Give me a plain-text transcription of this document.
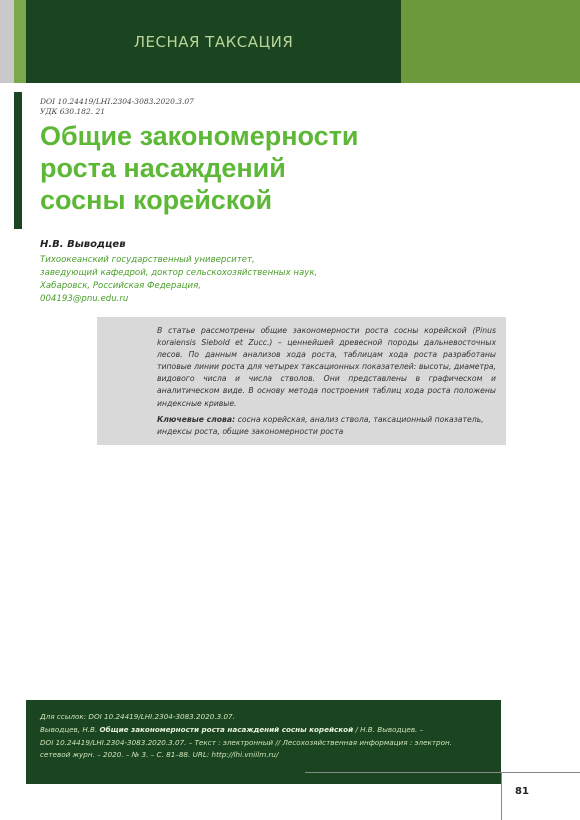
ЛЕСНАЯ ТАКСАЦИЯ
DOI 10.24419/LHI.2304-3083.2020.3.07
УДК 630.182. 21
Общие закономерности
роста насаждений
сосны корейской
Н.В. Выводцев
Тихоокеанский государственный университет,
заведующий кафедрой, доктор сельскохозяйственных наук,
Хабаровск, Российская Федерация,
004193@pnu.edu.ru

В статье рассмотрены общие закономерности роста сосны корейской (Pinus koraiensis Siebold et Zucc.) – ценнейшей древесной породы дальневосточных лесов. По данным анализов хода роста, таблицам хода роста разработаны типовые линии роста для четырех таксационных показателей: высоты, диаметра, видового числа и числа стволов. Они представлены в графическом и аналитическом виде. В основу метода построения таблиц хода роста положены индексные кривые.

Ключевые слова: сосна корейская, анализ ствола, таксационный показатель, индексы роста, общие закономерности роста

Для ссылок: DOI 10.24419/LHI.2304-3083.2020.3.07.
Выводцев, Н.В. Общие закономерности роста насаждений сосны корейской / Н.В. Выводцев. –
DOI 10.24419/LHI.2304-3083.2020.3.07. – Текст : электронный // Лесохозяйственная информация : электрон.
сетевой журн. – 2020. – № 3. – С. 81–88. URL: http://lhi.vniilm.ru/
81
